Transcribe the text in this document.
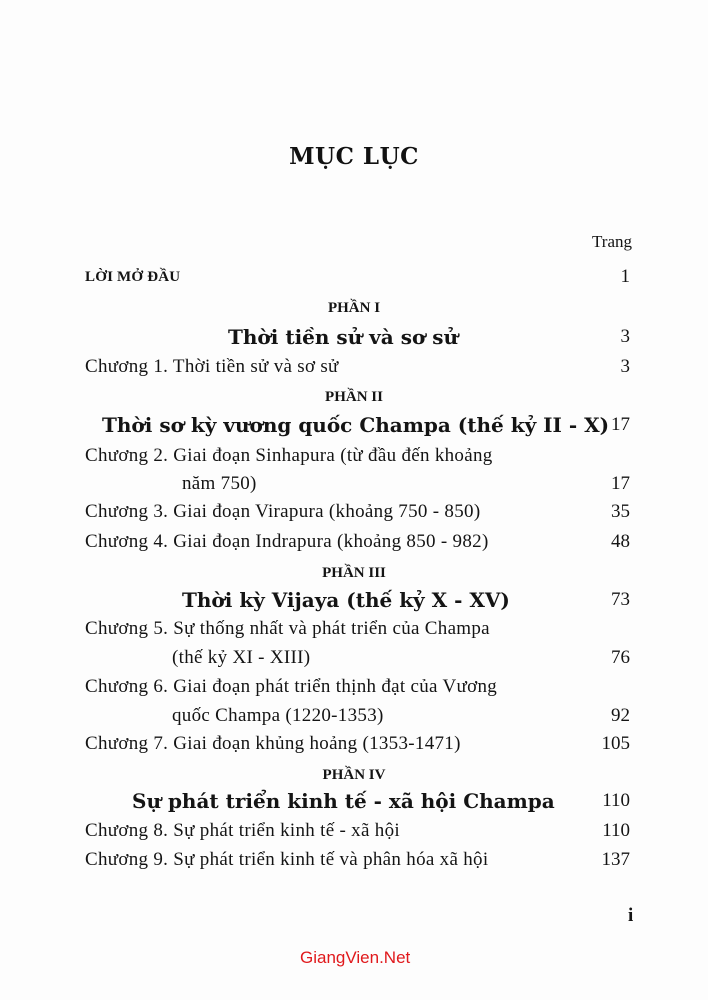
MỤC LỤC
Trang
LỜI MỞ ĐẦU	1
PHẦN I
Thời tiền sử và sơ sử	3
Chương 1. Thời tiền sử và sơ sử	3
PHẦN II
Thời sơ kỳ vương quốc Champa (thế kỷ II - X) 17
Chương 2. Giai đoạn Sinhapura (từ đầu đến khoảng
năm 750)	17
Chương 3. Giai đoạn Virapura (khoảng 750 - 850)	35
Chương 4. Giai đoạn Indrapura (khoảng 850 - 982)	48
PHẦN III
Thời kỳ Vijaya (thế kỷ X - XV)	73
Chương 5. Sự thống nhất và phát triển của Champa
(thế kỷ XI - XIII)	76
Chương 6. Giai đoạn phát triển thịnh đạt của Vương
quốc Champa (1220-1353)	92
Chương 7. Giai đoạn khủng hoảng (1353-1471)	105
PHẦN IV
Sự phát triển kinh tế - xã hội Champa 110
Chương 8. Sự phát triển kinh tế - xã hội	110
Chương 9. Sự phát triển kinh tế và phân hóa xã hội	137
i
GiangVien.Net
